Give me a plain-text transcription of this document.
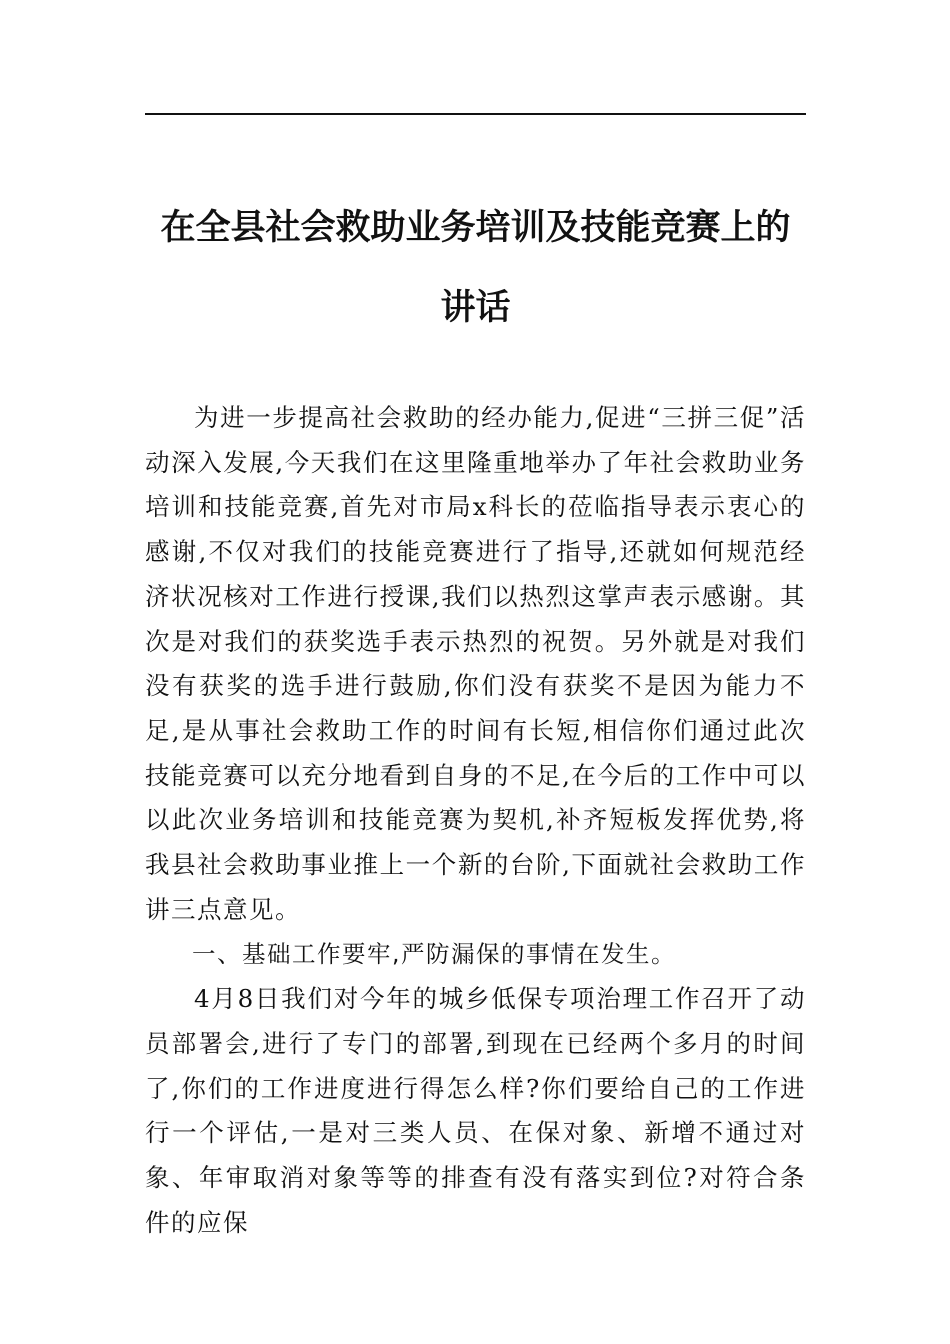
在全县社会救助业务培训及技能竞赛上的
讲话

为进一步提高社会救助的经办能力,促进“三拼三促”活动深入发展,今天我们在这里隆重地举办了年社会救助业务培训和技能竞赛,首先对市局x科长的莅临指导表示衷心的感谢,不仅对我们的技能竞赛进行了指导,还就如何规范经济状况核对工作进行授课,我们以热烈这掌声表示感谢。其次是对我们的获奖选手表示热烈的祝贺。另外就是对我们没有获奖的选手进行鼓励,你们没有获奖不是因为能力不足,是从事社会救助工作的时间有长短,相信你们通过此次技能竞赛可以充分地看到自身的不足,在今后的工作中可以以此次业务培训和技能竞赛为契机,补齐短板发挥优势,将我县社会救助事业推上一个新的台阶,下面就社会救助工作讲三点意见。

一、基础工作要牢,严防漏保的事情在发生。

4月8日我们对今年的城乡低保专项治理工作召开了动员部署会,进行了专门的部署,到现在已经两个多月的时间了,你们的工作进度进行得怎么样?你们要给自己的工作进行一个评估,一是对三类人员、在保对象、新增不通过对象、年审取消对象等等的排查有没有落实到位?对符合条件的应保
